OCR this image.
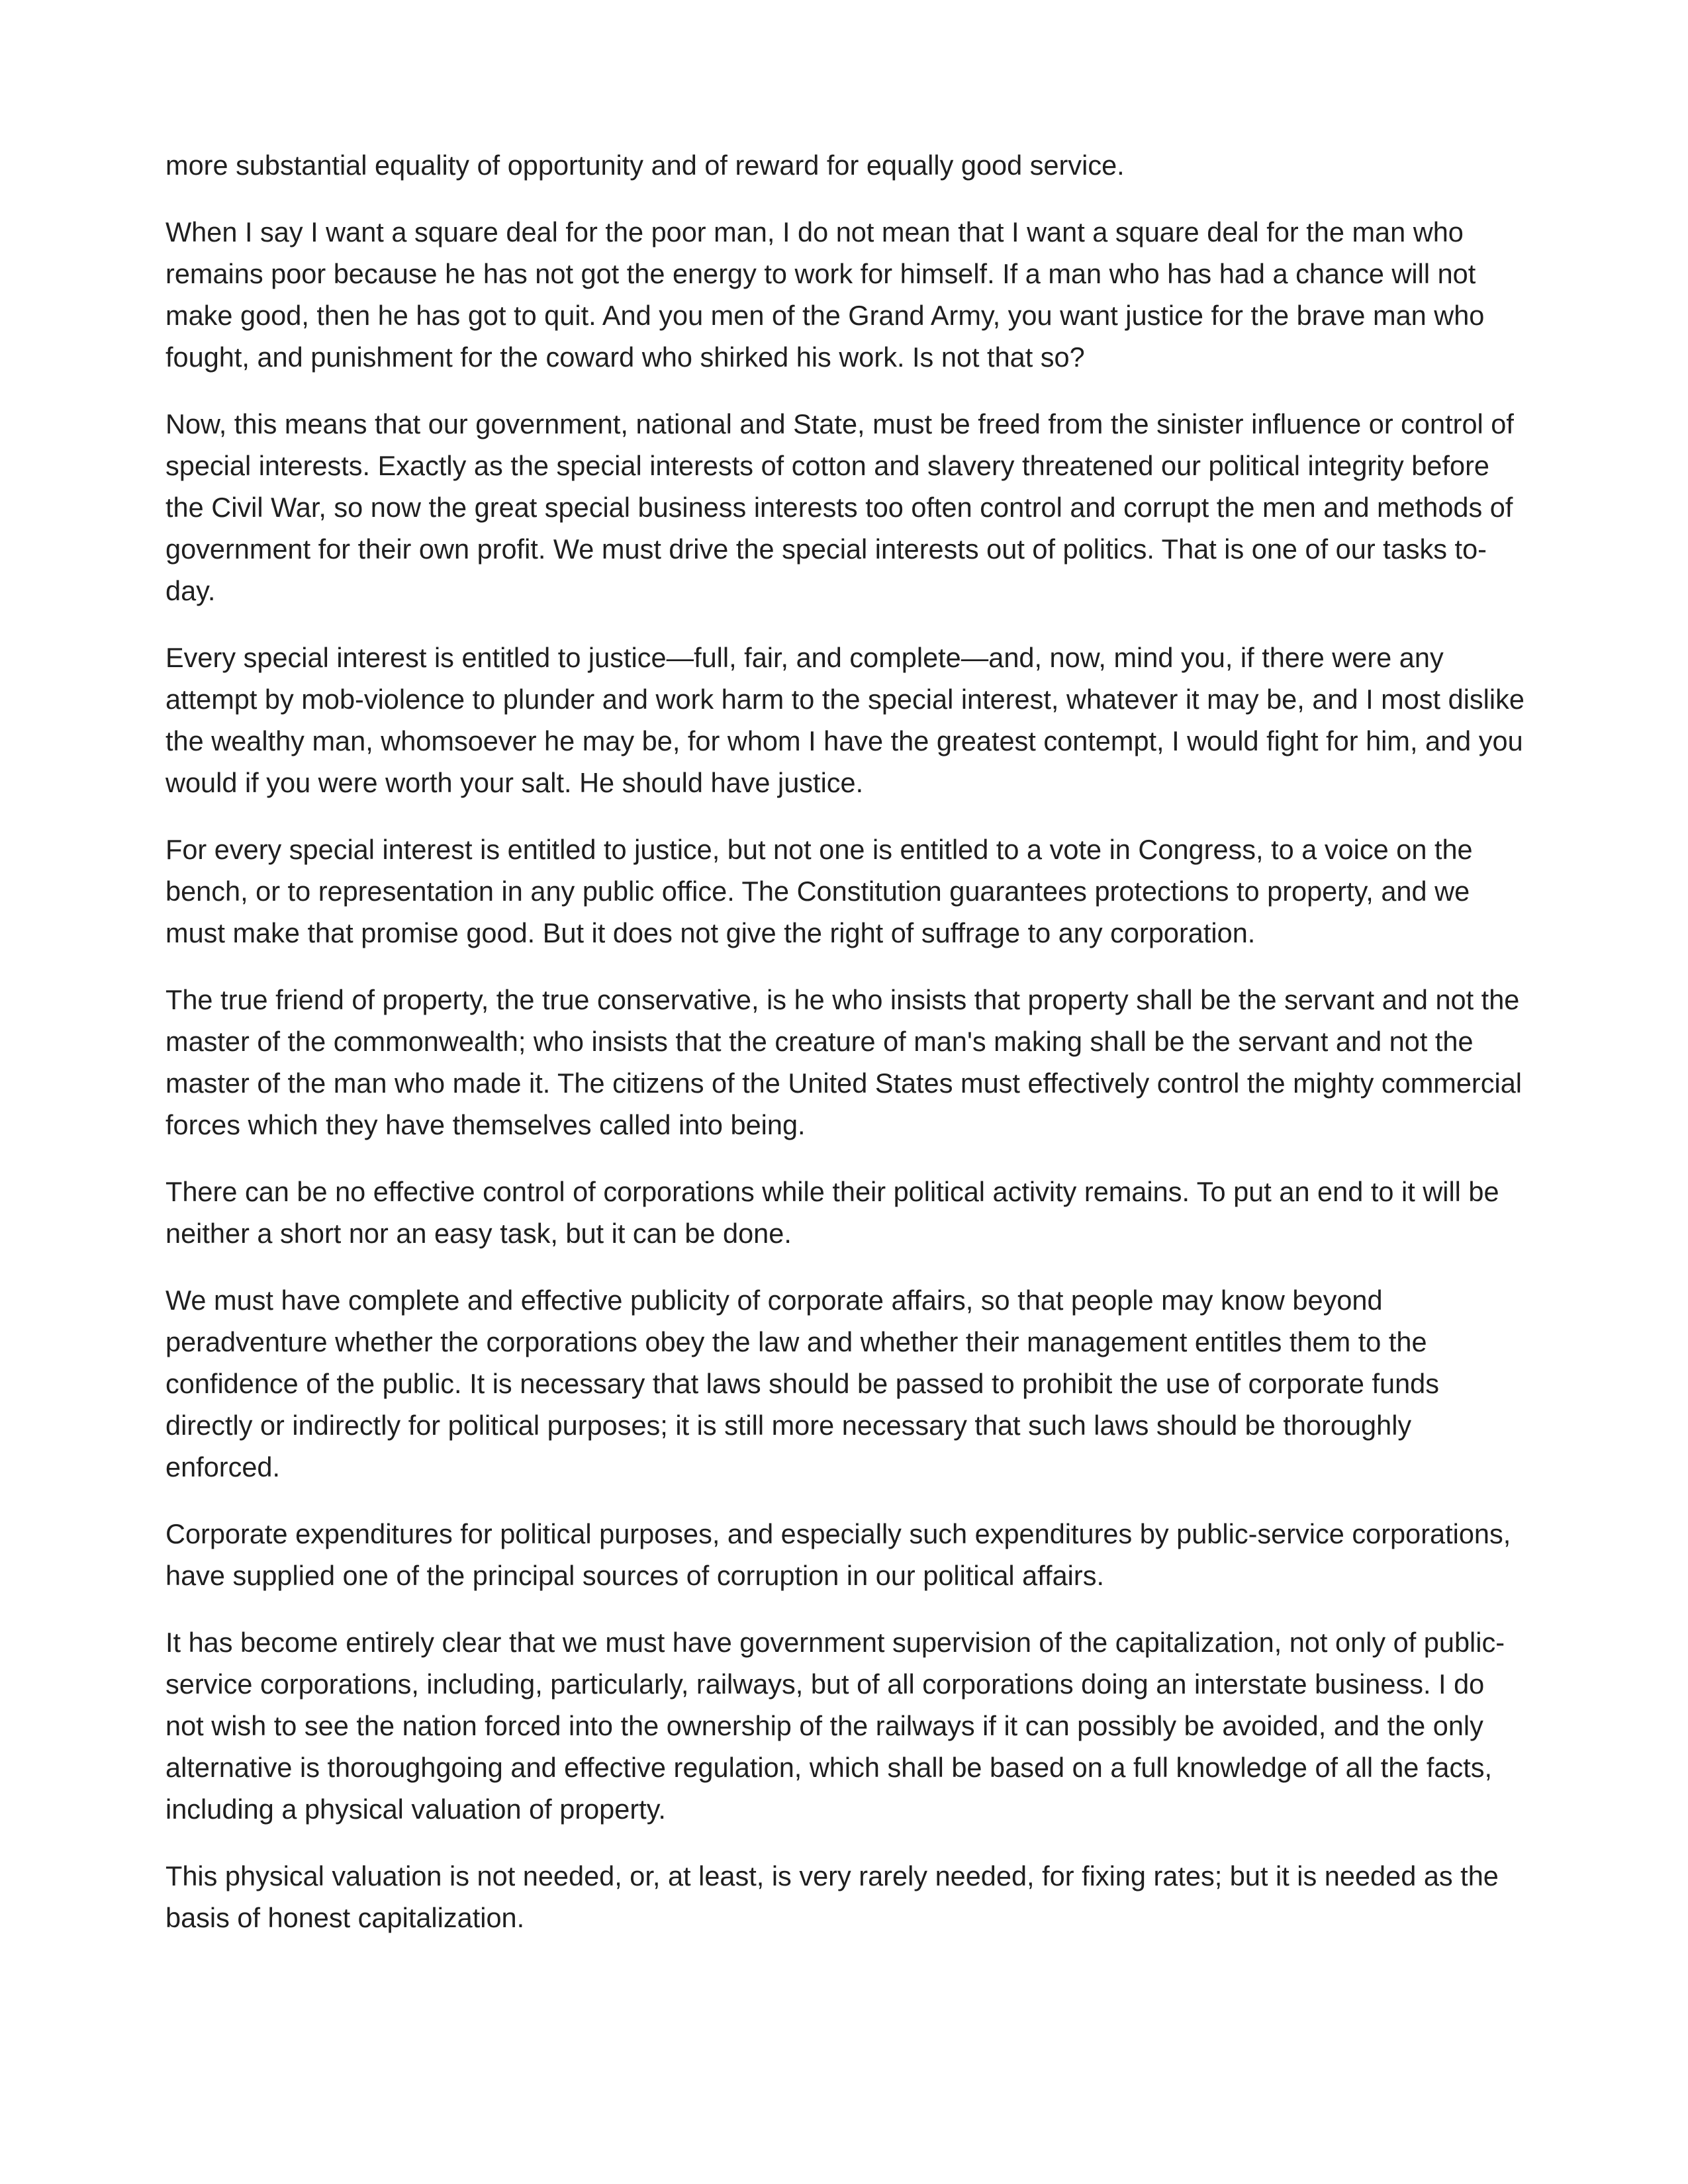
more substantial equality of opportunity and of reward for equally good service.

When I say I want a square deal for the poor man, I do not mean that I want a square deal for the man who remains poor because he has not got the energy to work for himself. If a man who has had a chance will not make good, then he has got to quit. And you men of the Grand Army, you want justice for the brave man who fought, and punishment for the coward who shirked his work. Is not that so?

Now, this means that our government, national and State, must be freed from the sinister influence or control of special interests. Exactly as the special interests of cotton and slavery threatened our political integrity before the Civil War, so now the great special business interests too often control and corrupt the men and methods of government for their own profit. We must drive the special interests out of politics. That is one of our tasks to-day.

Every special interest is entitled to justice—full, fair, and complete—and, now, mind you, if there were any attempt by mob-violence to plunder and work harm to the special interest, whatever it may be, and I most dislike the wealthy man, whomsoever he may be, for whom I have the greatest contempt, I would fight for him, and you would if you were worth your salt. He should have justice.

For every special interest is entitled to justice, but not one is entitled to a vote in Congress, to a voice on the bench, or to representation in any public office. The Constitution guarantees protections to property, and we must make that promise good. But it does not give the right of suffrage to any corporation.

The true friend of property, the true conservative, is he who insists that property shall be the servant and not the master of the commonwealth; who insists that the creature of man's making shall be the servant and not the master of the man who made it. The citizens of the United States must effectively control the mighty commercial forces which they have themselves called into being.

There can be no effective control of corporations while their political activity remains. To put an end to it will be neither a short nor an easy task, but it can be done.

We must have complete and effective publicity of corporate affairs, so that people may know beyond peradventure whether the corporations obey the law and whether their management entitles them to the confidence of the public. It is necessary that laws should be passed to prohibit the use of corporate funds directly or indirectly for political purposes; it is still more necessary that such laws should be thoroughly enforced.

Corporate expenditures for political purposes, and especially such expenditures by public-service corporations, have supplied one of the principal sources of corruption in our political affairs.

It has become entirely clear that we must have government supervision of the capitalization, not only of public-service corporations, including, particularly, railways, but of all corporations doing an interstate business. I do not wish to see the nation forced into the ownership of the railways if it can possibly be avoided, and the only alternative is thoroughgoing and effective regulation, which shall be based on a full knowledge of all the facts, including a physical valuation of property.

This physical valuation is not needed, or, at least, is very rarely needed, for fixing rates; but it is needed as the basis of honest capitalization.
